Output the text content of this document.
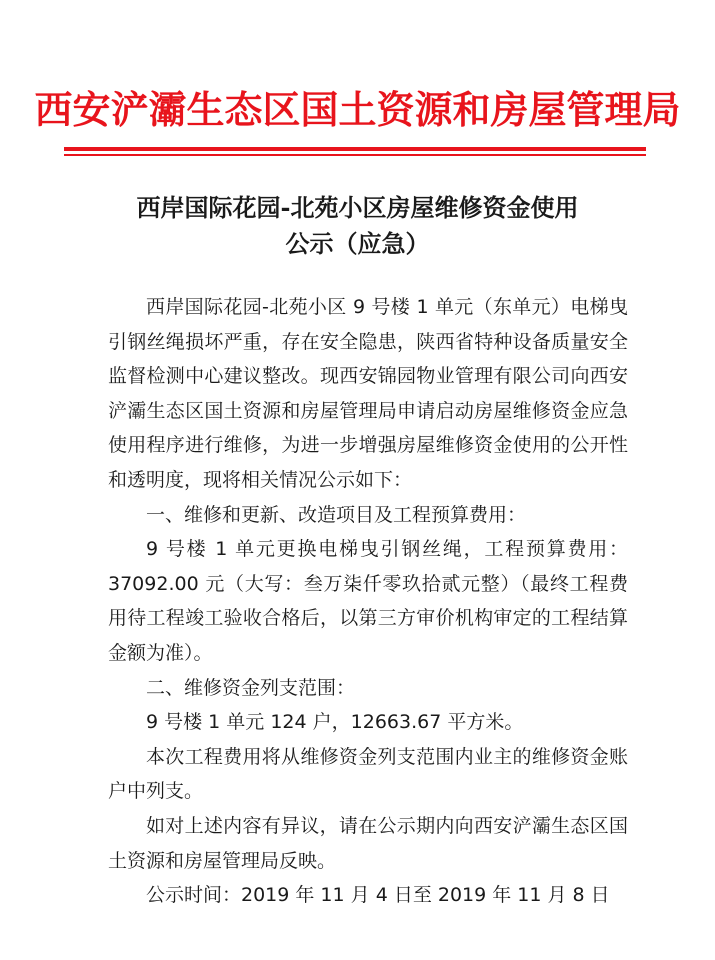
西安浐灞生态区国土资源和房屋管理局
西岸国际花园-北苑小区房屋维修资金使用
公示（应急）

西岸国际花园-北苑小区 9 号楼 1 单元（东单元）电梯曳引钢丝绳损坏严重，存在安全隐患，陕西省特种设备质量安全监督检测中心建议整改。现西安锦园物业管理有限公司向西安浐灞生态区国土资源和房屋管理局申请启动房屋维修资金应急使用程序进行维修，为进一步增强房屋维修资金使用的公开性和透明度，现将相关情况公示如下：

一、维修和更新、改造项目及工程预算费用：

9 号楼 1 单元更换电梯曳引钢丝绳，工程预算费用：37092.00 元（大写：叁万柒仟零玖拾贰元整）（最终工程费用待工程竣工验收合格后，以第三方审价机构审定的工程结算金额为准）。

二、维修资金列支范围：

9 号楼 1 单元 124 户，12663.67 平方米。

本次工程费用将从维修资金列支范围内业主的维修资金账户中列支。

如对上述内容有异议，请在公示期内向西安浐灞生态区国土资源和房屋管理局反映。

公示时间：2019 年 11 月 4 日至 2019 年 11 月 8 日
